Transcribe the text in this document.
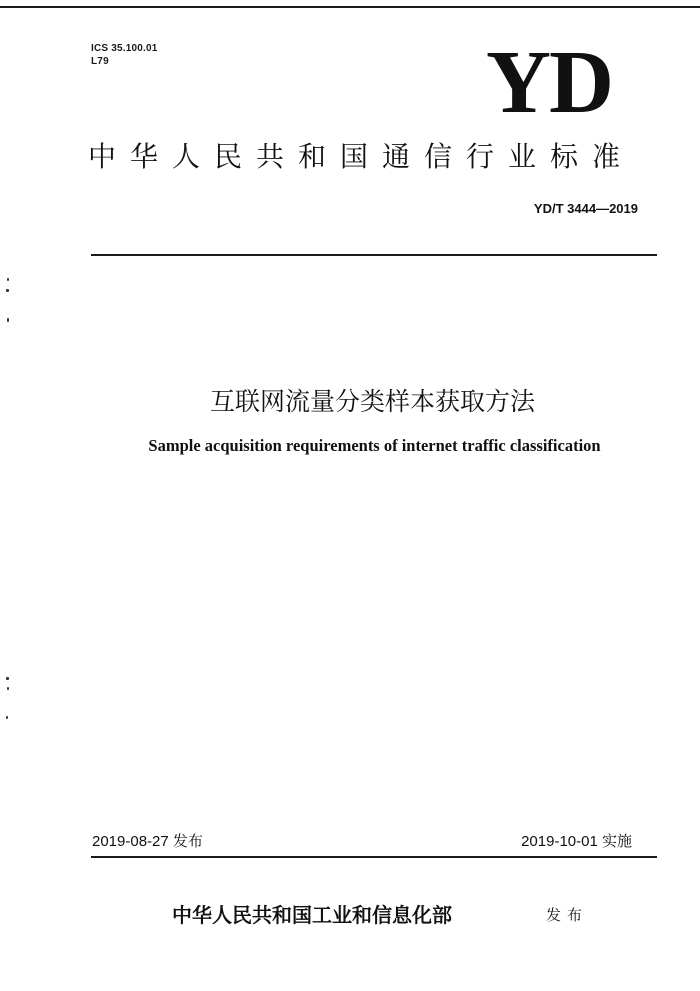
ICS 35.100.01
L79	YD
中华人民共和国通信行业标准
YD/T 3444—2019
互联网流量分类样本获取方法
Sample acquisition requirements of internet traffic classification
2019-08-27 发布	2019-10-01 实施
中华人民共和国工业和信息化部	发布
